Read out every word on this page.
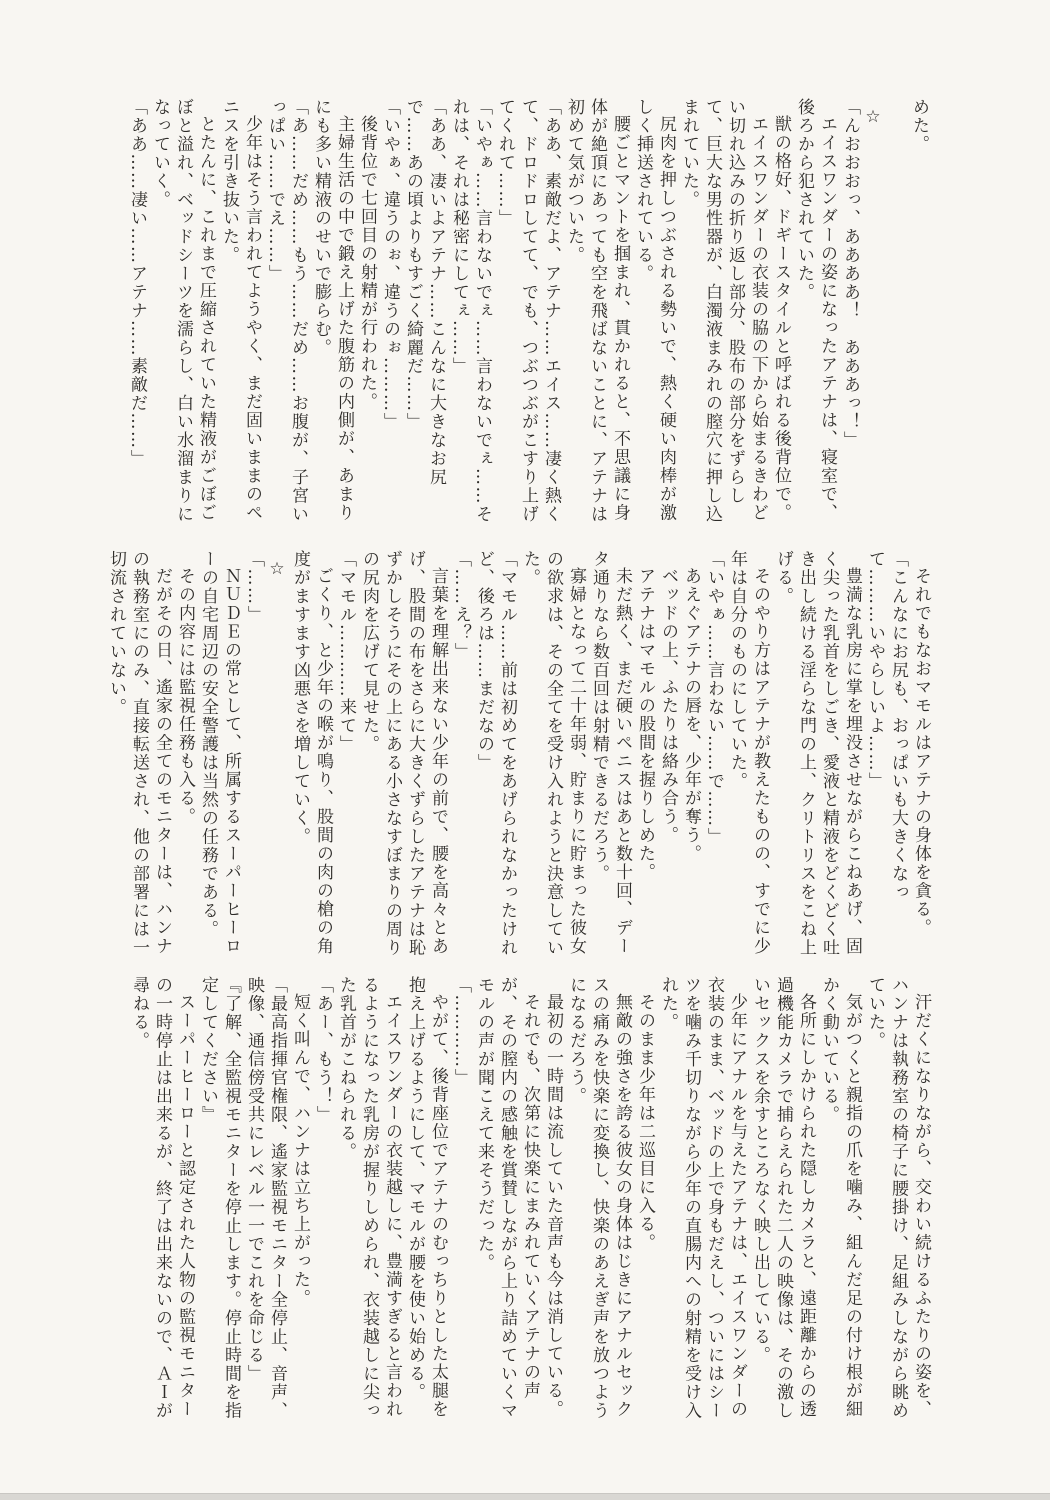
めた。

☆

「んおおおっ、ああああ！　あああっ！」

エイスワンダーの姿になったアテナは、寝室で、後ろから犯されていた。

獣の格好、ドギースタイルと呼ばれる後背位で。

エイスワンダーの衣装の脇の下から始まるきわどい切れ込みの折り返し部分、股布の部分をずらして、巨大な男性器が、白濁液まみれの膣穴に押し込まれていた。

尻肉を押しつぶされる勢いで、熱く硬い肉棒が激しく挿送されている。

腰ごとマントを掴まれ、貫かれると、不思議に身体が絶頂にあっても空を飛ばないことに、アテナは初めて気がついた。

「ああ、素敵だよ、アテナ……エイス……凄く熱くて、ドロドロしてて、でも、つぶつぶがこすり上げてくれて……」

「いやぁ……言わないでぇ……言わないでぇ……それは、それは秘密にしてぇ……」

「ああ、凄いよアテナ……こんなに大きなお尻で……あの頃よりもすごく綺麗だ……」

「いやぁ、違うのぉ、違うのぉ………」

後背位で七回目の射精が行われた。

主婦生活の中で鍛え上げた腹筋の内側が、あまりにも多い精液のせいで膨らむ。

「あ……だめ……もう……だめ……お腹が、子宮いっぱい……でえ……」

少年はそう言われてようやく、まだ固いままのペニスを引き抜いた。

とたんに、これまで圧縮されていた精液がごぼごぼと溢れ、ベッドシーツを濡らし、白い水溜まりになっていく。

「ああ……凄い……アテナ……素敵だ……」

それでもなおマモルはアテナの身体を貪る。

「こんなにお尻も、おっぱいも大きくなって………いやらしいよ……」

豊満な乳房に掌を埋没させながらこねあげ、固く尖った乳首をしごき、愛液と精液をどくどく吐き出し続ける淫らな門の上、クリトリスをこね上げる。

そのやり方はアテナが教えたものの、すでに少年は自分のものにしていた。

「いやぁ……言わない……で……」

あえぐアテナの唇を、少年が奪う。

ベッドの上、ふたりは絡み合う。

アテナはマモルの股間を握りしめた。

未だ熱く、まだ硬いペニスはあと数十回、データ通りなら数百回は射精できるだろう。

寡婦となって二十年弱、貯まりに貯まった彼女の欲求は、その全てを受け入れようと決意していた。

「マモル……前は初めてをあげられなかったけれど、後ろは……まだなの」

「……え？」

言葉を理解出来ない少年の前で、腰を高々とあげ、股間の布をさらに大きくずらしたアテナは恥ずかしそうにその上にある小さなすぼまりの周りの尻肉を広げて見せた。

「マモル…………来て」

ごくり、と少年の喉が鳴り、股間の肉の槍の角度がますます凶悪さを増していく。

☆

「……」

ＮＵＤＥの常として、所属するスーパーヒーローの自宅周辺の安全警護は当然の任務である。

その内容には監視任務も入る。

だがその日、遙家の全てのモニターは、ハンナの執務室にのみ、直接転送され、他の部署には一切流されていない。

汗だくになりながら、交わい続けるふたりの姿を、ハンナは執務室の椅子に腰掛け、足組みしながら眺めていた。

気がつくと親指の爪を噛み、組んだ足の付け根が細かく動いている。

各所にしかけられた隠しカメラと、遠距離からの透過機能カメラで捕らえられた二人の映像は、その激しいセックスを余すところなく映し出している。

少年にアナルを与えたアテナは、エイスワンダーの衣装のまま、ベッドの上で身もだえし、ついにはシーツを噛み千切りながら少年の直腸内への射精を受け入れた。

そのまま少年は二巡目に入る。

無敵の強さを誇る彼女の身体はじきにアナルセックスの痛みを快楽に変換し、快楽のあえぎ声を放つようになるだろう。

最初の一時間は流していた音声も今は消している。

それでも、次第に快楽にまみれていくアテナの声が、その膣内の感触を賞賛しながら上り詰めていくマモルの声が聞こえて来そうだった。

「…………」

やがて、後背座位でアテナのむっちりとした太腿を抱え上げるようにして、マモルが腰を使い始める。

エイスワンダーの衣装越しに、豊満すぎると言われるようになった乳房が握りしめられ、衣装越しに尖った乳首がこねられる。

「あー、もう！」

短く叫んで、ハンナは立ち上がった。

「最高指揮官権限、遙家監視モニター全停止、音声、映像、通信傍受共にレベル一一でこれを命じる」

『了解、全監視モニターを停止します。停止時間を指定してください』

スーパーヒーローと認定された人物の監視モニターの一時停止は出来るが、終了は出来ないので、ＡＩが尋ねる。
